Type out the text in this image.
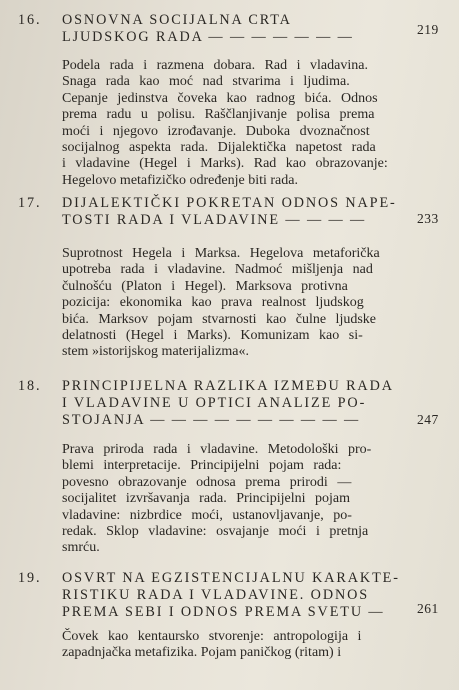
16.	OSNOVNA SOCIJALNA CRTA
LJUDSKOG RADA — — — — — — —	219
Podela rada i razmena dobara. Rad i vladavina.
Snaga rada kao moć nad stvarima i ljudima.
Cepanje jedinstva čoveka kao radnog bića. Odnos
prema radu u polisu. Raščlanjivanje polisa prema
moći i njegovo izrođavanje. Duboka dvoznačnost
socijalnog aspekta rada. Dijalektička napetost rada
i vladavine (Hegel i Marks). Rad kao obrazovanje:
Hegelovo metafizičko određenje biti rada.
17.	DIJALEKTIČKI POKRETAN ODNOS NAPE-
TOSTI RADA I VLADAVINE — — — —	233
Suprotnost Hegela i Marksa. Hegelova metaforička
upotreba rada i vladavine. Nadmoć mišljenja nad
čulnošću (Platon i Hegel). Marksova protivna
pozicija: ekonomika kao prava realnost ljudskog
bića. Marksov pojam stvarnosti kao čulne ljudske
delatnosti (Hegel i Marks). Komunizam kao si-
stem »istorijskog materijalizma«.
18.	PRINCIPIJELNA RAZLIKA IZMEĐU RADA
I VLADAVINE U OPTICI ANALIZE PO-
STOJANJA — — — — — — — — — —	247
Prava priroda rada i vladavine. Metodološki pro-
blemi interpretacije. Principijelni pojam rada:
povesno obrazovanje odnosa prema prirodi —
socijalitet izvršavanja rada. Principijelni pojam
vladavine: nizbrdice moći, ustanovljavanje, po-
redak. Sklop vladavine: osvajanje moći i pretnja
smrću.
19.	OSVRT NA EGZISTENCIJALNU KARAKTE-
RISTIKU RADA I VLADAVINE. ODNOS
PREMA SEBI I ODNOS PREMA SVETU —	261
Čovek kao kentaursko stvorenje: antropologija i
zapadnjačka metafizika. Pojam paničkog (ritam) i
